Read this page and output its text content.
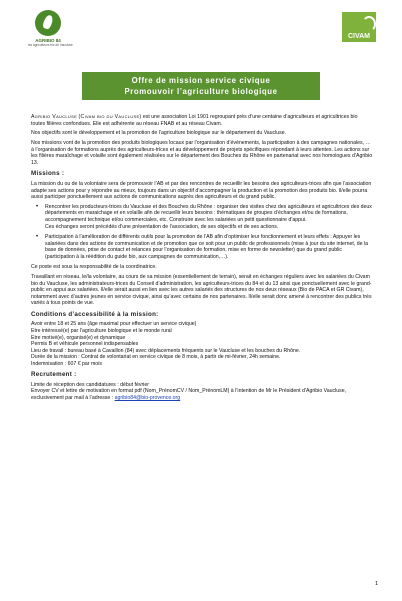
AGRIBIO 84
les agriculteurs bio de Vaucluse
CIVAM
Offre de mission service civique
Promouvoir l’agriculture biologique

Agribio Vaucluse (Civam bio du Vaucluse) est une association Loi 1901 regroupant près d’une centaine d’agriculteurs et agricultrices bio toutes filières confondues. Elle est adhérente au réseau FNAB et au réseau Civam.

Nos objectifs sont le développement et la promotion de l’agriculture biologique sur le département du Vaucluse.

Nos missions vont de la promotion des produits biologiques locaux par l’organisation d’événements, la participation à des campagnes nationales, … à l’organisation de formations auprès des agriculteurs-trices et au développement de projets spécifiques répondant à leurs attentes. Les actions sur les filières maraîchage et volaille sont également réalisées sur le département des Bouches du Rhône en partenariat avec nos homologues d’Agribio 13.

Missions :

La mission du ou de la volontaire sera de promouvoir l’AB et par des rencontres de recueillir les besoins des agriculteurs-trices afin que l’association adapte ses actions pour y répondre au mieux, toujours dans un objectif d’accompagner la production et la promotion des produits bio. Il/elle pourra aussi participer ponctuellement aux actions de communications auprès des agriculteurs et du grand public.

• Rencontrer les producteurs-trices du Vaucluse et des Bouches du Rhône : organiser des visites chez des agriculteurs et agricultrices des deux départements en maraichage et en volaille afin de recueillir leurs besoins : thématiques de groupes d’échanges et/ou de formations, accompagnement technique et/ou commerciales, etc. Construire avec les salariées un petit questionnaire d’appui.
Ces échanges seront précédés d’une présentation de l’association, de ses objectifs et de ses actions.
• Participation à l’amélioration de différents outils pour la promotion de l’AB afin d’optimiser leur fonctionnement et leurs effets : Appuyer les salariées dans des actions de communication et de promotion que ce soit pour un public de professionnels (mise à jour du site internet, de la base de données, prise de contact et relances pour l’organisation de formation, mise en forme de newsletter) que du grand public (participation à la réédition du guide bio, aux campagnes de communication,…).

Ce poste est sous la responsabilité de la coordinatrice.

Travaillant en réseau, le/la volontaire, au cours de sa mission (essentiellement de terrain), serait en échanges réguliers avec les salariées du Civam bio du Vaucluse, les administrateurs-trices du Conseil d’administration, les agriculteurs-trices du 84 et du 13 ainsi que ponctuellement avec le grand-public en appui aux salariées. Il/elle serait aussi en lien avec les autres salariés des structures de nos deux réseaux (Bio de PACA et GR Civam), notamment avec d’autres jeunes en service civique, ainsi qu’avec certains de nos partenaires. Il/elle serait donc amené à rencontrer des publics très variés à tous points de vue.

Conditions d’accessibilité à la mission:
Avoir entre 18 et 25 ans (âge maximal pour effectuer un service civique)
Etre intéressé(e) par l’agriculture biologique et le monde rural
Etre motivé(e), organisé(e) et dynamique
Permis B et véhicule personnel indispensables
Lieu de travail : bureau basé à Cavaillon (84) avec déplacements fréquents sur le Vaucluse et les bouches du Rhône.
Durée de la mission : Contrat de volontariat en service civique de 8 mois, à partir de mi-février, 24h semaine.
Indemnisation : 607 € par mois
Recrutement :
Limite de réception des candidatures : début février
Envoyer CV et lettre de motivation en format pdf (Nom_PrénomCV / Nom_PrénomLM) à l’intention de Mr le Président d’Agribio Vaucluse, exclusivement par mail à l’adresse : agribio84@bio-provence.org
1
